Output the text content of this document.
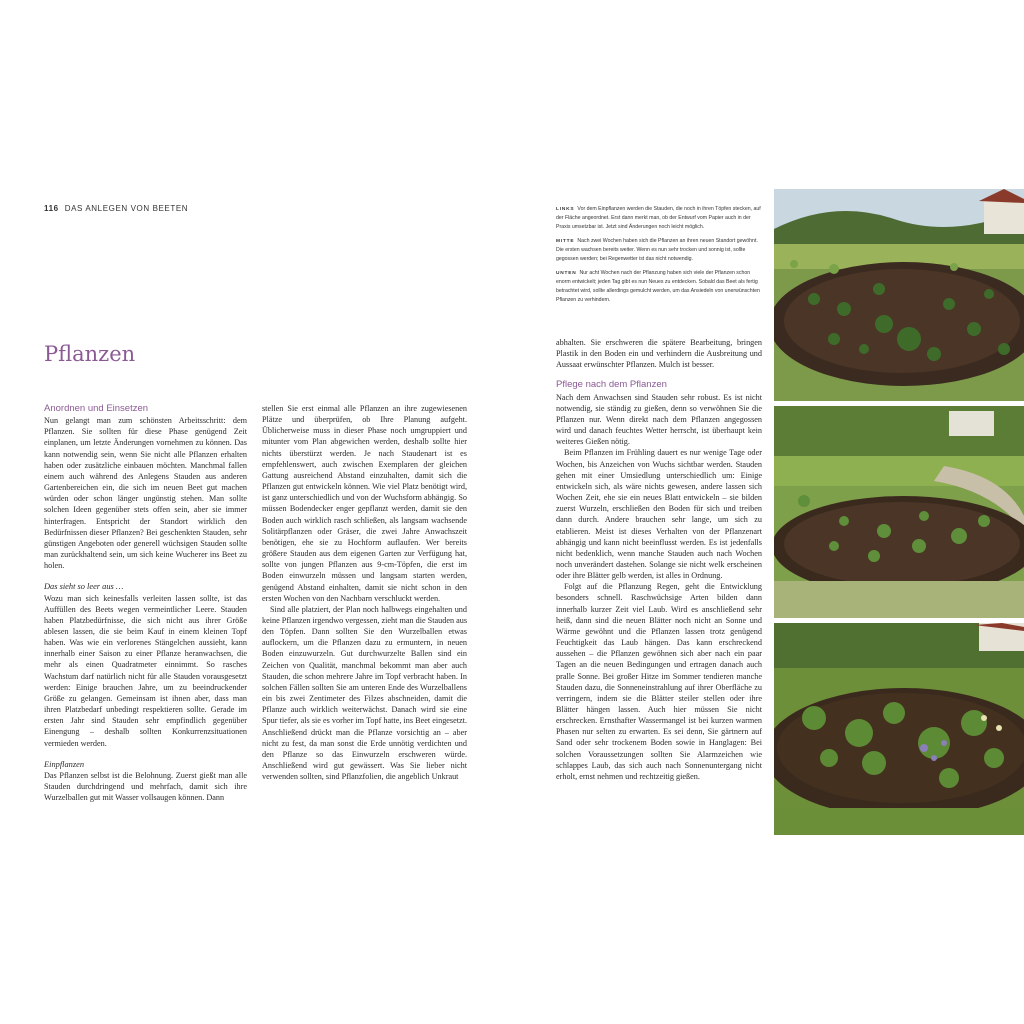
116 DAS ANLEGEN VON BEETEN
Pflanzen
Anordnen und Einsetzen

Nun gelangt man zum schönsten Arbeitsschritt: dem Pflanzen. Sie sollten für diese Phase genügend Zeit einplanen, um letzte Änderungen vornehmen zu können. Das kann notwendig sein, wenn Sie nicht alle Pflanzen erhalten haben oder zusätzliche einbauen möchten. Manchmal fallen einem auch während des Anlegens Stauden aus anderen Gartenbereichen ein, die sich im neuen Beet gut machen würden oder schon länger ungünstig stehen. Man sollte solchen Ideen gegenüber stets offen sein, aber sie immer hinterfragen. Entspricht der Standort wirklich den Bedürfnissen dieser Pflanzen? Bei geschenkten Stauden, sehr günstigen Angeboten oder generell wüchsigen Stauden sollte man zurückhaltend sein, um sich keine Wucherer ins Beet zu holen.

Das sieht so leer aus …

Wozu man sich keinesfalls verleiten lassen sollte, ist das Auffüllen des Beets wegen vermeintlicher Leere. Stauden haben Platzbedürfnisse, die sich nicht aus ihrer Größe ablesen lassen, die sie beim Kauf in einem kleinen Topf haben. Was wie ein verlorenes Stängelchen aussieht, kann innerhalb einer Saison zu einer Pflanze heranwachsen, die mehr als einen Quadratmeter einnimmt. So rasches Wachstum darf natürlich nicht für alle Stauden vorausgesetzt werden: Einige brauchen Jahre, um zu beeindruckender Größe zu gelangen. Gemeinsam ist ihnen aber, dass man ihren Platzbedarf unbedingt respektieren sollte. Gerade im ersten Jahr sind Stauden sehr empfindlich gegenüber Einengung – deshalb sollten Konkurrenzsituationen vermieden werden.

Einpflanzen

Das Pflanzen selbst ist die Belohnung. Zuerst gießt man alle Stauden durchdringend und mehrfach, damit sich ihre Wurzelballen gut mit Wasser vollsaugen können. Dann

stellen Sie erst einmal alle Pflanzen an ihre zugewiesenen Plätze und überprüfen, ob Ihre Planung aufgeht. Üblicherweise muss in dieser Phase noch umgruppiert und mitunter vom Plan abgewichen werden, deshalb sollte hier nichts überstürzt werden. Je nach Staudenart ist es empfehlenswert, auch zwischen Exemplaren der gleichen Gattung ausreichend Abstand einzuhalten, damit sich die Pflanzen gut entwickeln können. Wie viel Platz benötigt wird, ist ganz unterschiedlich und von der Wuchsform abhängig. So müssen Bodendecker enger gepflanzt werden, damit sie den Boden auch wirklich rasch schließen, als langsam wachsende Solitärpflanzen oder Gräser, die zwei Jahre Anwachszeit benötigen, ehe sie zu Hochform auflaufen. Wer bereits größere Stauden aus dem eigenen Garten zur Verfügung hat, sollte von jungen Pflanzen aus 9-cm-Töpfen, die erst im Boden einwurzeln müssen und langsam starten werden, genügend Abstand einhalten, damit sie nicht schon in den ersten Wochen von den Nachbarn verschluckt werden.

Sind alle platziert, der Plan noch halbwegs eingehalten und keine Pflanzen irgendwo vergessen, zieht man die Stauden aus den Töpfen. Dann sollten Sie den Wurzelballen etwas auflockern, um die Pflanzen dazu zu ermuntern, in neuen Boden einzuwurzeln. Gut durchwurzelte Ballen sind ein Zeichen von Qualität, manchmal bekommt man aber auch Stauden, die schon mehrere Jahre im Topf verbracht haben. In solchen Fällen sollten Sie am unteren Ende des Wurzelballens ein bis zwei Zentimeter des Filzes abschneiden, damit die Pflanze auch wirklich weiterwächst. Danach wird sie eine Spur tiefer, als sie es vorher im Topf hatte, ins Beet eingesetzt. Anschließend drückt man die Pflanze vorsichtig an – aber nicht zu fest, da man sonst die Erde unnötig verdichten und den Pflanze so das Einwurzeln erschweren würde. Anschließend wird gut gewässert. Was Sie lieber nicht verwenden sollten, sind Pflanzfolien, die angeblich Unkraut

LINKS Vor dem Einpflanzen werden die Stauden, die noch in ihren Töpfen stecken, auf der Fläche angeordnet. Erst dann merkt man, ob der Entwurf vom Papier auch in der Praxis umsetzbar ist. Jetzt sind Änderungen noch leicht möglich.

MITTE Nach zwei Wochen haben sich die Pflanzen an ihren neuen Standort gewöhnt. Die ersten wachsen bereits weiter. Wenn es nun sehr trocken und sonnig ist, sollte gegossen werden; bei Regenwetter ist das nicht notwendig.

UNTEN Nur acht Wochen nach der Pflanzung haben sich viele der Pflanzen schon enorm entwickelt; jeden Tag gibt es nun Neues zu entdecken. Sobald das Beet als fertig betrachtet wird, sollte allerdings gemulcht werden, um das Ansiedeln von unerwünschten Pflanzen zu verhindern.

abhalten. Sie erschweren die spätere Bearbeitung, bringen Plastik in den Boden ein und verhindern die Ausbreitung und Aussaat erwünschter Pflanzen. Mulch ist besser.

Pflege nach dem Pflanzen

Nach dem Anwachsen sind Stauden sehr robust. Es ist nicht notwendig, sie ständig zu gießen, denn so verwöhnen Sie die Pflanzen nur. Wenn direkt nach dem Pflanzen angegossen wird und danach feuchtes Wetter herrscht, ist überhaupt kein weiteres Gießen nötig.

Beim Pflanzen im Frühling dauert es nur wenige Tage oder Wochen, bis Anzeichen von Wuchs sichtbar werden. Stauden gehen mit einer Umsiedlung unterschiedlich um: Einige entwickeln sich, als wäre nichts gewesen, andere lassen sich Wochen Zeit, ehe sie ein neues Blatt entwickeln – sie bilden zuerst Wurzeln, erschließen den Boden für sich und treiben dann durch. Andere brauchen sehr lange, um sich zu etablieren. Meist ist dieses Verhalten von der Pflanzenart abhängig und kann nicht beeinflusst werden. Es ist jedenfalls nicht bedenklich, wenn manche Stauden auch nach Wochen noch unverändert dastehen. Solange sie nicht welk erscheinen oder ihre Blätter gelb werden, ist alles in Ordnung.

Folgt auf die Pflanzung Regen, geht die Entwicklung besonders schnell. Raschwüchsige Arten bilden dann innerhalb kurzer Zeit viel Laub. Wird es anschließend sehr heiß, dann sind die neuen Blätter noch nicht an Sonne und Wärme gewöhnt und die Pflanzen lassen trotz genügend Feuchtigkeit das Laub hängen. Das kann erschreckend aussehen – die Pflanzen gewöhnen sich aber nach ein paar Tagen an die neuen Bedingungen und ertragen danach auch pralle Sonne. Bei großer Hitze im Sommer tendieren manche Stauden dazu, die Sonneneinstrahlung auf ihrer Oberfläche zu verringern, indem sie die Blätter steiler stellen oder ihre Blätter hängen lassen. Auch hier müssen Sie nicht erschrecken. Ernsthafter Wassermangel ist bei kurzen warmen Phasen nur selten zu erwarten. Es sei denn, Sie gärtnern auf Sand oder sehr trockenem Boden sowie in Hanglagen: Bei solchen Voraussetzungen sollten Sie Alarmzeichen wie schlappes Laub, das sich auch nach Sonnenuntergang nicht erholt, ernst nehmen und rechtzeitig gießen.
